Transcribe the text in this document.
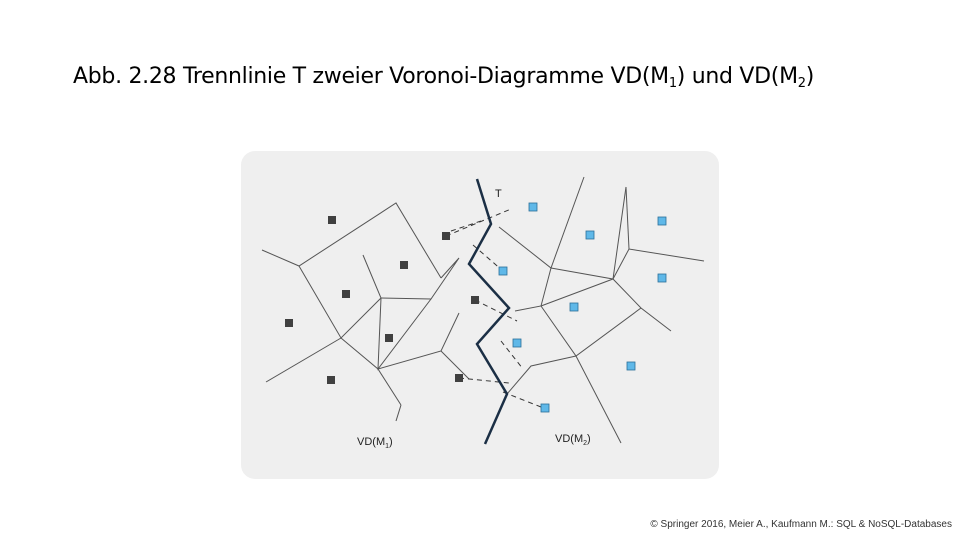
Abb. 2.28 Trennlinie T zweier Voronoi-Diagramme $VD(M_1)$ und $VD(M_2)$
T
$VD(M_1)$	$VD(M_2)$
© Springer 2016, Meier A., Kaufmann M.: SQL & NoSQL-Databases
